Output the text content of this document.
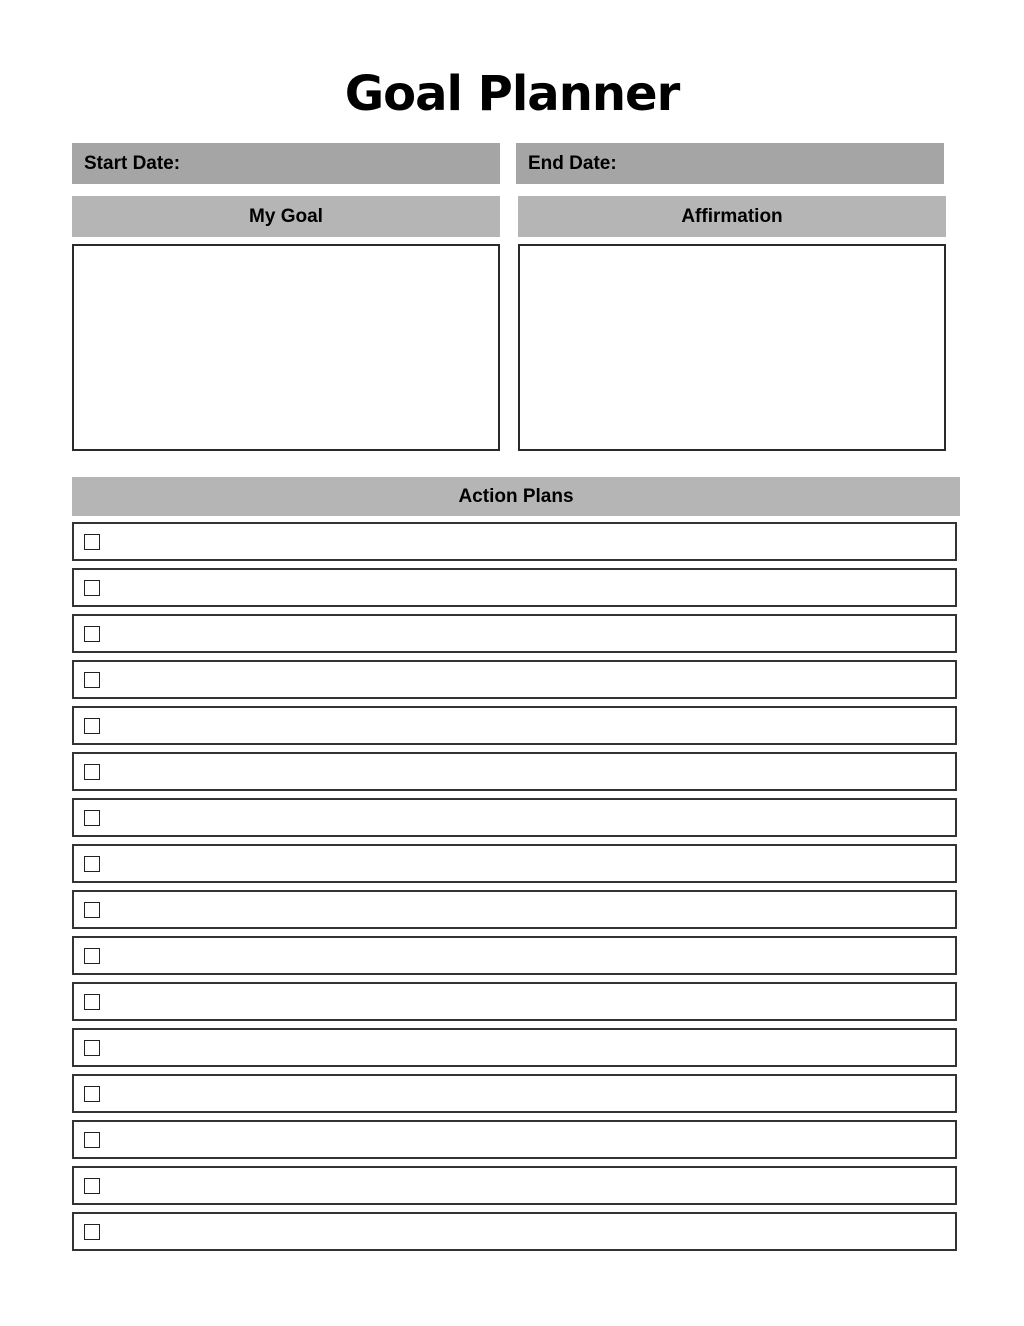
Goal Planner
Start Date:	End Date:
My Goal	Affirmation
Action Plans
